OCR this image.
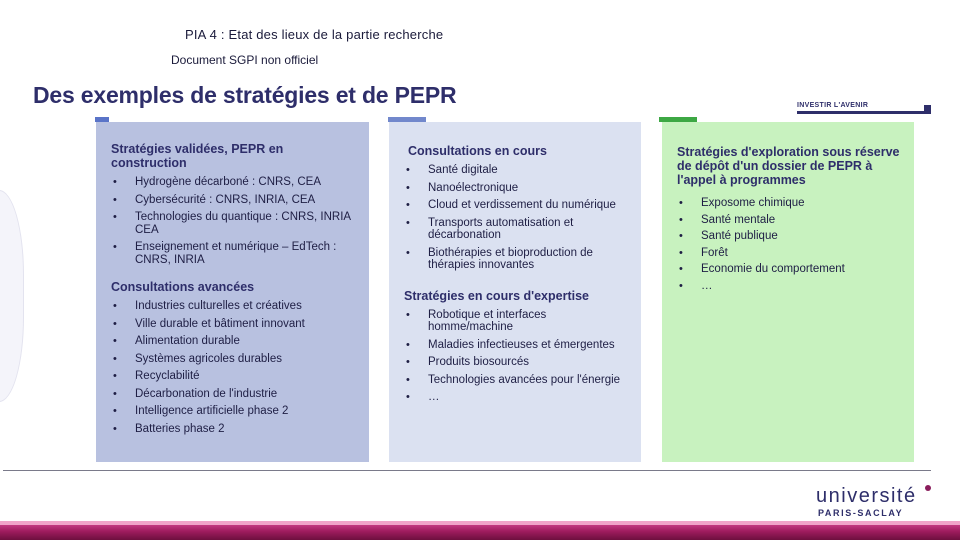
PIA 4 : Etat des lieux de la partie recherche
Document SGPI non officiel
Des exemples de stratégies et de PEPR	INVESTIR L'AVENIR
Stratégies validées, PEPR en construction
• Hydrogène décarboné : CNRS, CEA
• Cybersécurité : CNRS, INRIA, CEA
• Technologies du quantique : CNRS, INRIA CEA
• Enseignement et numérique – EdTech : CNRS, INRIA
Consultations avancées
• Industries culturelles et créatives
• Ville durable et bâtiment innovant
• Alimentation durable
• Systèmes agricoles durables
• Recyclabilité
• Décarbonation de l'industrie
• Intelligence artificielle phase 2
• Batteries phase 2
Consultations en cours
• Santé digitale
• Nanoélectronique
• Cloud et verdissement du numérique
• Transports automatisation et décarbonation
• Biothérapies et bioproduction de thérapies innovantes
Stratégies en cours d'expertise
• Robotique et interfaces homme/machine
• Maladies infectieuses et émergentes
• Produits biosourcés
• Technologies avancées pour l'énergie
• …
Stratégies d'exploration sous réserve de dépôt d'un dossier de PEPR à l'appel à programmes
• Exposome chimique
• Santé mentale
• Santé publique
• Forêt
• Economie du comportement
• …
université
PARIS-SACLAY
